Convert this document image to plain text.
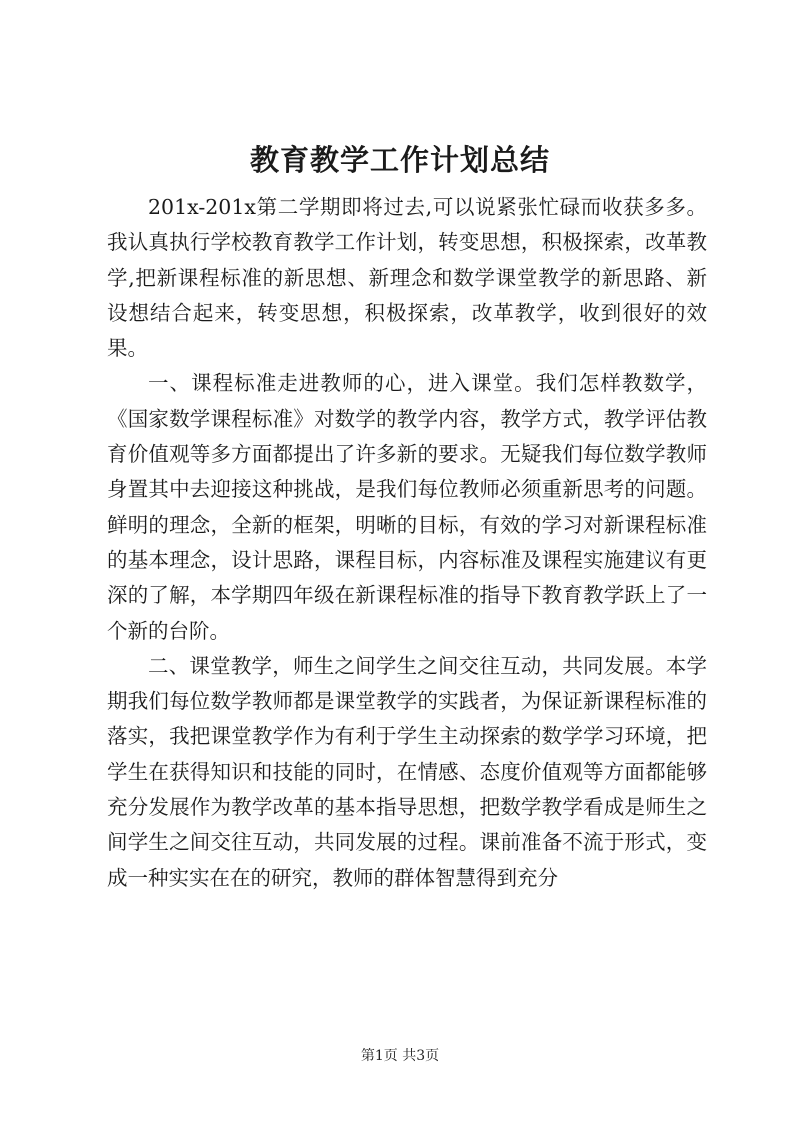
教育教学工作计划总结

201x-201x第二学期即将过去,可以说紧张忙碌而收获多多。我认真执行学校教育教学工作计划，转变思想，积极探索，改革教学,把新课程标准的新思想、新理念和数学课堂教学的新思路、新设想结合起来，转变思想，积极探索，改革教学，收到很好的效果。

一、课程标准走进教师的心，进入课堂。我们怎样教数学，《国家数学课程标准》对数学的教学内容，教学方式，教学评估教育价值观等多方面都提出了许多新的要求。无疑我们每位数学教师身置其中去迎接这种挑战，是我们每位教师必须重新思考的问题。鲜明的理念，全新的框架，明晰的目标，有效的学习对新课程标准的基本理念，设计思路，课程目标，内容标准及课程实施建议有更深的了解，本学期四年级在新课程标准的指导下教育教学跃上了一个新的台阶。

二、课堂教学，师生之间学生之间交往互动，共同发展。本学期我们每位数学教师都是课堂教学的实践者，为保证新课程标准的落实，我把课堂教学作为有利于学生主动探索的数学学习环境，把学生在获得知识和技能的同时，在情感、态度价值观等方面都能够充分发展作为教学改革的基本指导思想，把数学教学看成是师生之间学生之间交往互动，共同发展的过程。课前准备不流于形式，变成一种实实在在的研究，教师的群体智慧得到充分

第1页 共3页
